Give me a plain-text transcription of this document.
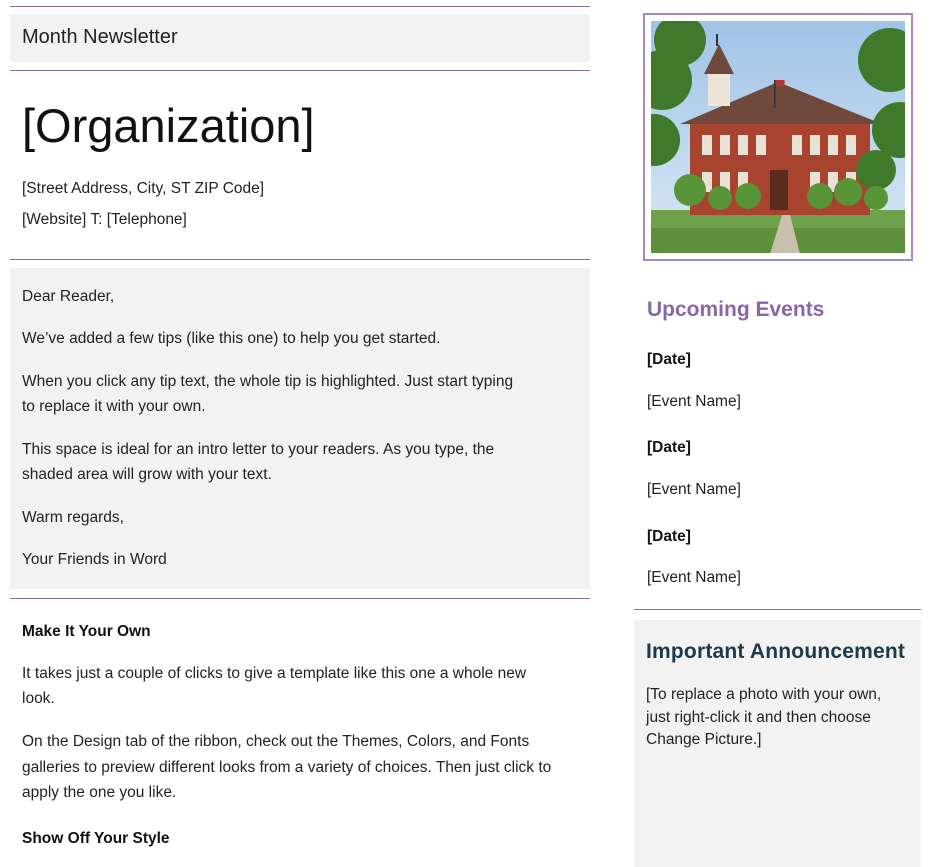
Month Newsletter
[Organization]
[Street Address, City, ST ZIP Code]
[Website] T: [Telephone]

Dear Reader,

We’ve added a few tips (like this one) to help you get started.

When you click any tip text, the whole tip is highlighted. Just start typing

to replace it with your own.

This space is ideal for an intro letter to your readers. As you type, the

shaded area will grow with your text.

Warm regards,

Your Friends in Word

Make It Your Own

It takes just a couple of clicks to give a template like this one a whole new

look.

On the Design tab of the ribbon, check out the Themes, Colors, and Fonts

galleries to preview different looks from a variety of choices. Then just click to

apply the one you like.

Show Off Your Style

Upcoming Events
[Date]
[Event Name]
[Date]
[Event Name]
[Date]
[Event Name]
Important Announcement
[To replace a photo with your own,
just right-click it and then choose
Change Picture.]
